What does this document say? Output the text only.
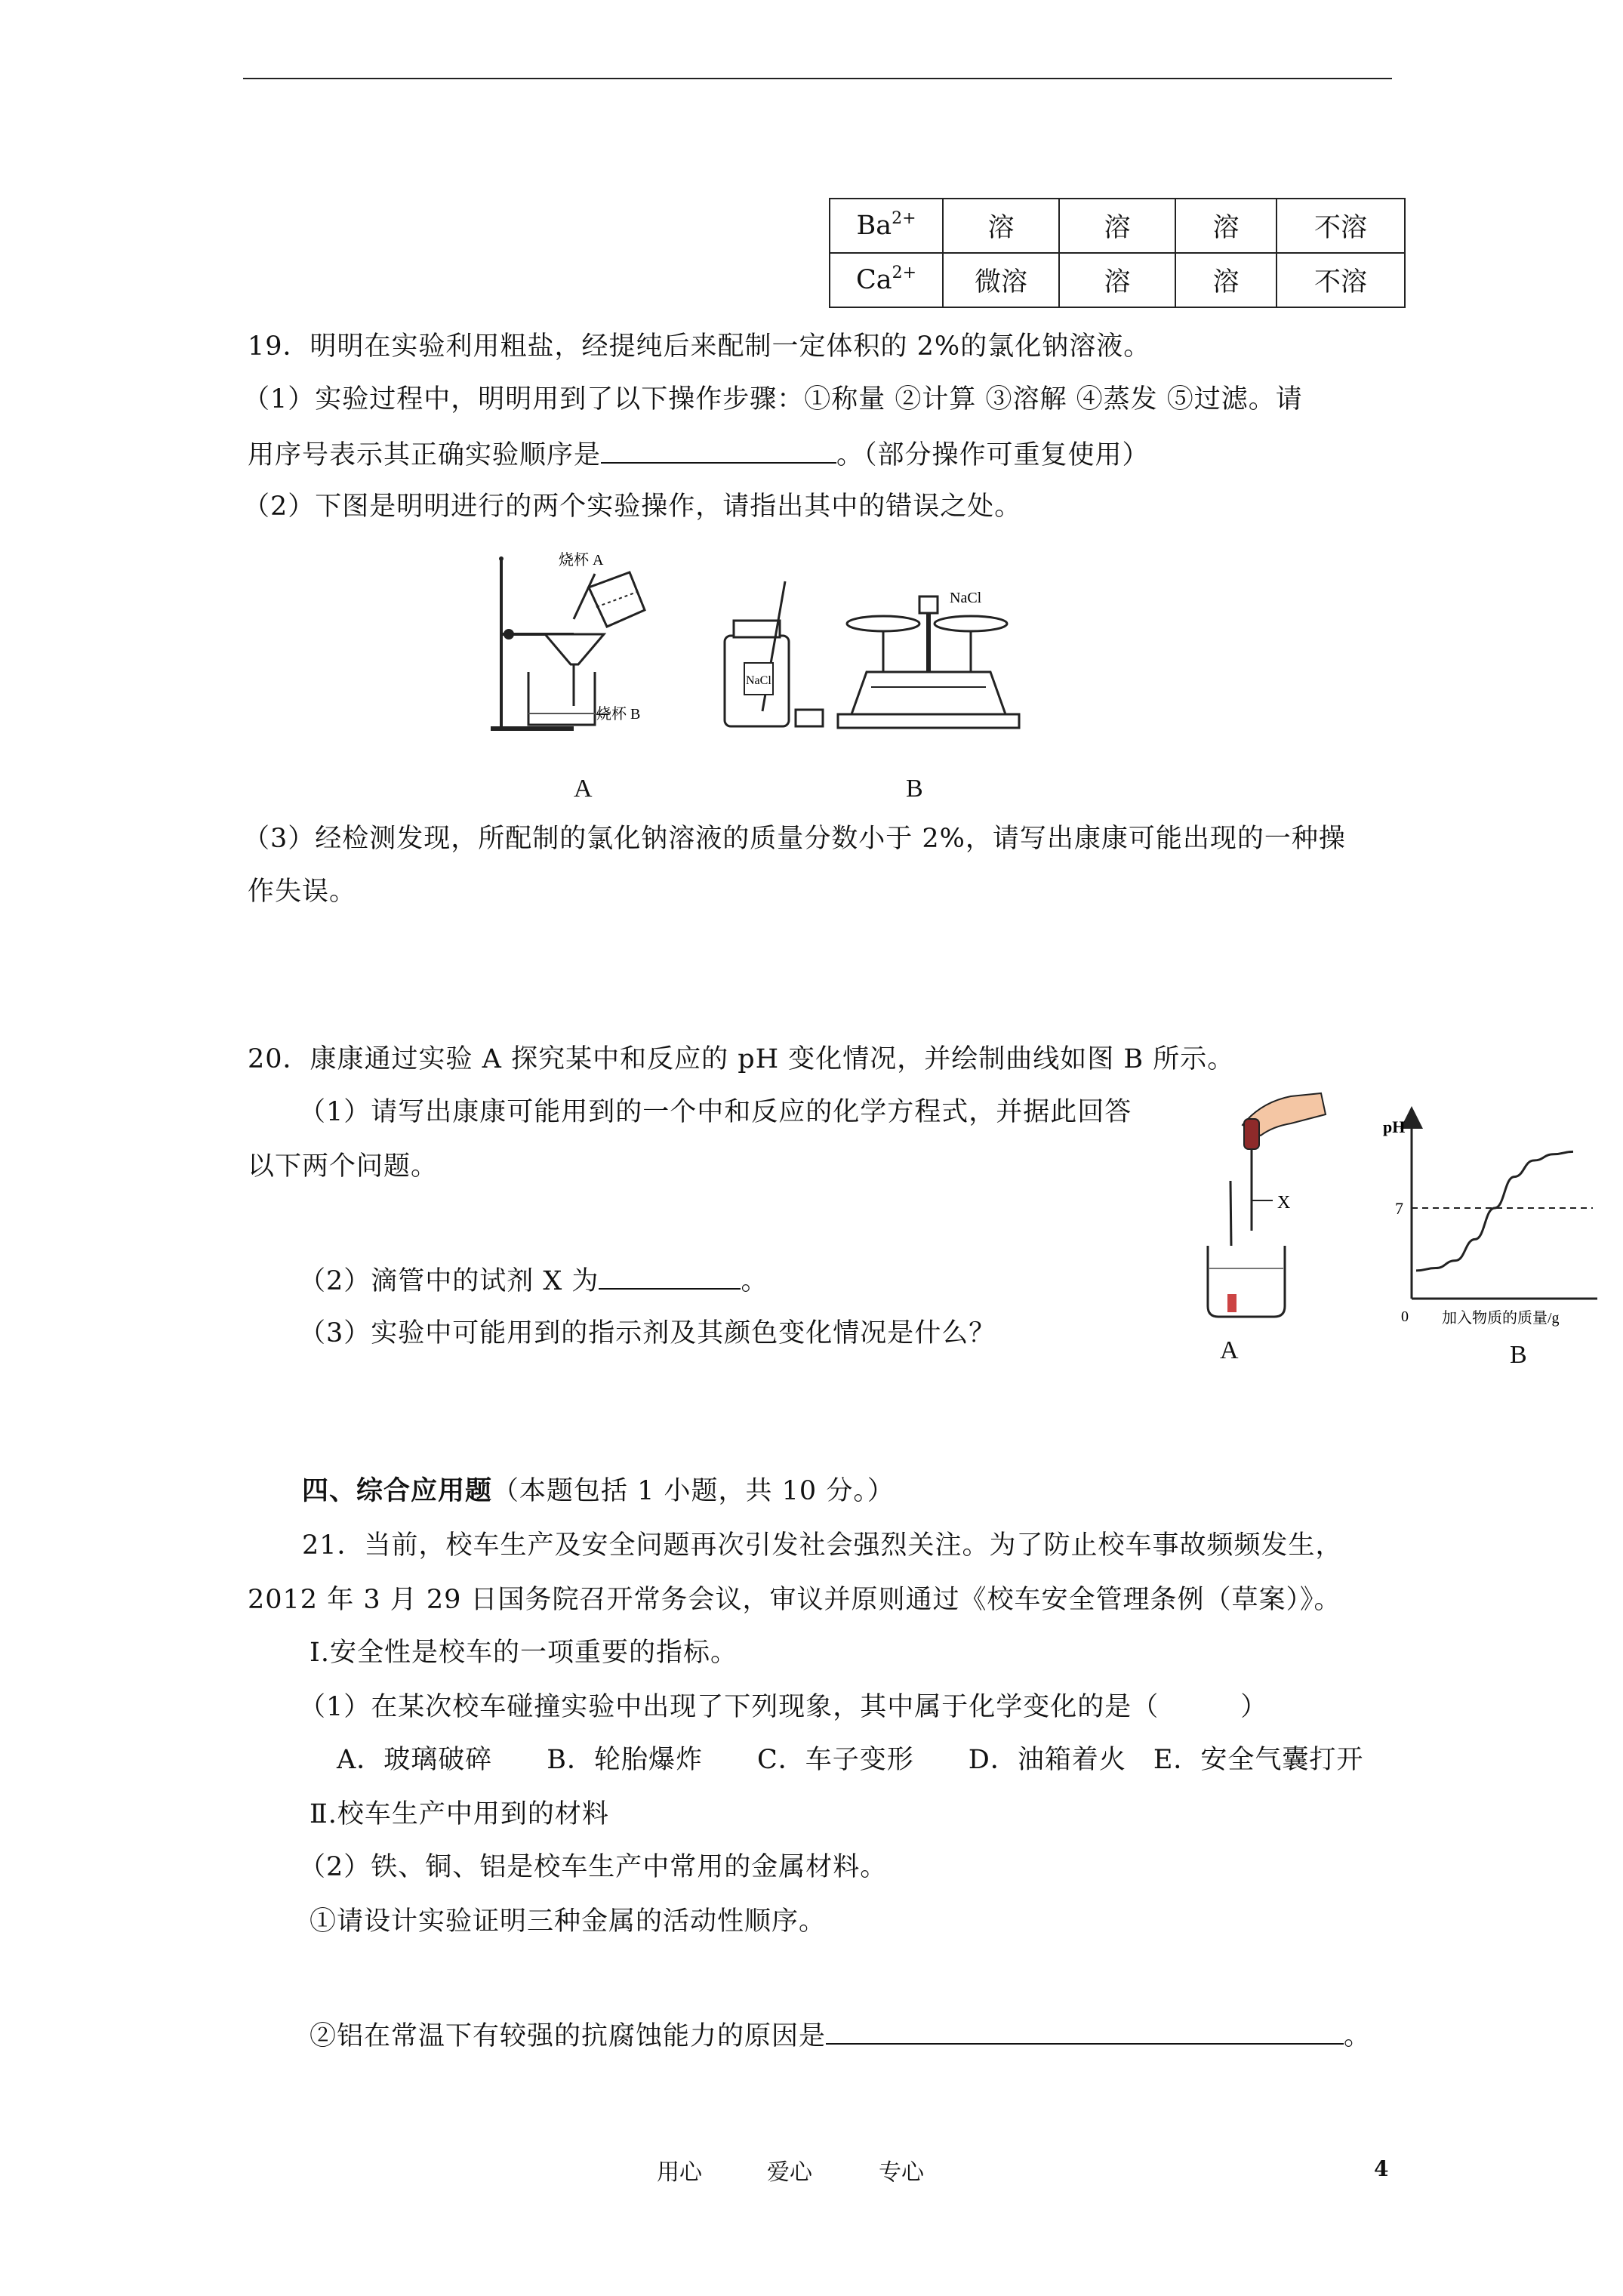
$Ba^{2+}$	溶	溶	溶	不溶
$Ca^{2+}$	微溶	溶	溶	不溶
19．明明在实验利用粗盐，经提纯后来配制一定体积的 2%的氯化钠溶液。
（1）实验过程中，明明用到了以下操作步骤：①称量 ②计算 ③溶解 ④蒸发 ⑤过滤。请
用序号表示其正确实验顺序是	。（部分操作可重复使用）
（2）下图是明明进行的两个实验操作，请指出其中的错误之处。
烧杯 A
烧杯 B
A
NaCl
NaCl
B
（3）经检测发现，所配制的氯化钠溶液的质量分数小于 2%，请写出康康可能出现的一种操
作失误。
20．康康通过实验 A 探究某中和反应的 pH 变化情况，并绘制曲线如图 B 所示。
（1）请写出康康可能用到的一个中和反应的化学方程式，并据此回答
以下两个问题。
（2）滴管中的试剂 X 为	。
（3）实验中可能用到的指示剂及其颜色变化情况是什么？
X
A
pH
0 加入物质的质量/g
7
B
四、综合应用题（本题包括 1 小题，共 10 分。）
21．当前，校车生产及安全问题再次引发社会强烈关注。为了防止校车事故频频发生，
2012 年 3 月 29 日国务院召开常务会议，审议并原则通过《校车安全管理条例（草案）》。
Ⅰ.安全性是校车的一项重要的指标。
（1）在某次校车碰撞实验中出现了下列现象，其中属于化学变化的是（　　　）
A．玻璃破碎　　B．轮胎爆炸　　C．车子变形　　D．油箱着火　E．安全气囊打开
Ⅱ.校车生产中用到的材料
（2）铁、铜、铝是校车生产中常用的金属材料。
①请设计实验证明三种金属的活动性顺序。
②铝在常温下有较强的抗腐蚀能力的原因是	。
用心	爱心	专心	4
